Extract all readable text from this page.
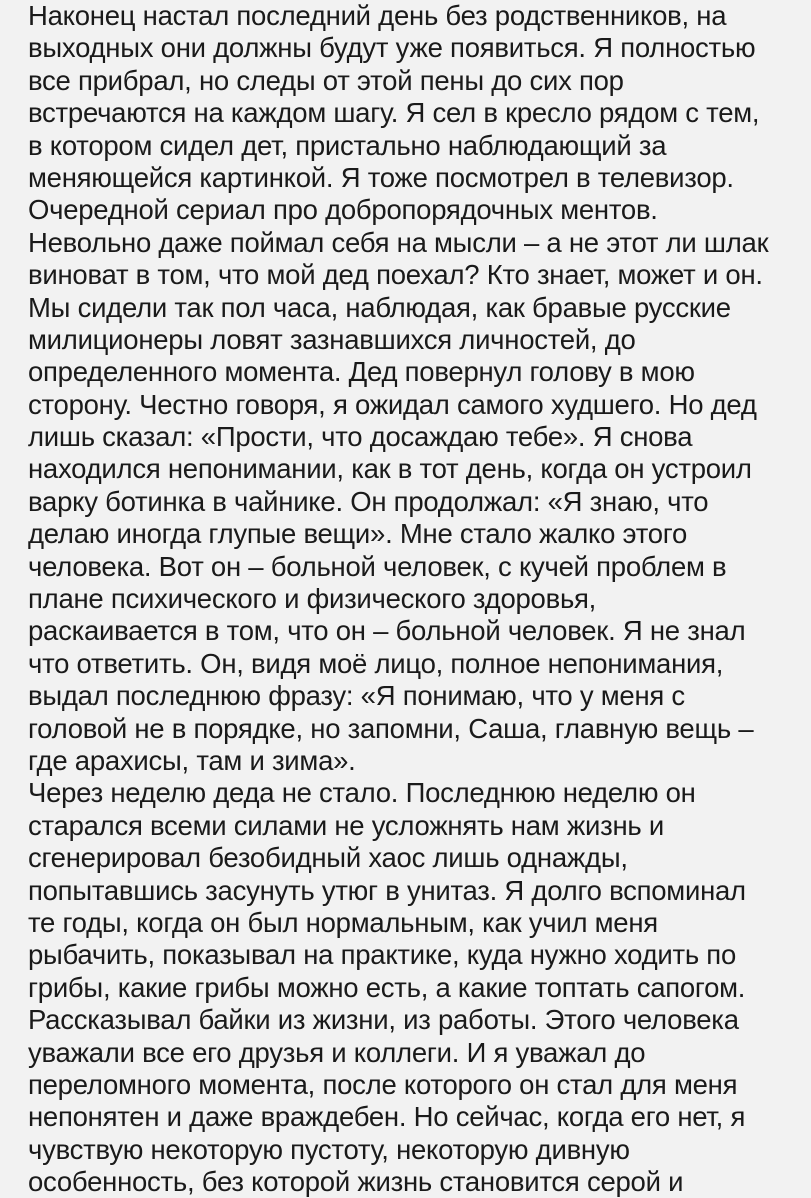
Наконец настал последний день без родственников, на
выходных они должны будут уже появиться. Я полностью
все прибрал, но следы от этой пены до сих пор
встречаются на каждом шагу. Я сел в кресло рядом с тем,
в котором сидел дет, пристально наблюдающий за
меняющейся картинкой. Я тоже посмотрел в телевизор.
Очередной сериал про добропорядочных ментов.
Невольно даже поймал себя на мысли – а не этот ли шлак
виноват в том, что мой дед поехал? Кто знает, может и он.
Мы сидели так пол часа, наблюдая, как бравые русские
милиционеры ловят зазнавшихся личностей, до
определенного момента. Дед повернул голову в мою
сторону. Честно говоря, я ожидал самого худшего. Но дед
лишь сказал: «Прости, что досаждаю тебе». Я снова
находился непонимании, как в тот день, когда он устроил
варку ботинка в чайнике. Он продолжал: «Я знаю, что
делаю иногда глупые вещи». Мне стало жалко этого
человека. Вот он – больной человек, с кучей проблем в
плане психического и физического здоровья,
раскаивается в том, что он – больной человек. Я не знал
что ответить. Он, видя моё лицо, полное непонимания,
выдал последнюю фразу: «Я понимаю, что у меня с
головой не в порядке, но запомни, Саша, главную вещь –
где арахисы, там и зима».
Через неделю деда не стало. Последнюю неделю он
старался всеми силами не усложнять нам жизнь и
сгенерировал безобидный хаос лишь однажды,
попытавшись засунуть утюг в унитаз. Я долго вспоминал
те годы, когда он был нормальным, как учил меня
рыбачить, показывал на практике, куда нужно ходить по
грибы, какие грибы можно есть, а какие топтать сапогом.
Рассказывал байки из жизни, из работы. Этого человека
уважали все его друзья и коллеги. И я уважал до
переломного момента, после которого он стал для меня
непонятен и даже враждебен. Но сейчас, когда его нет, я
чувствую некоторую пустоту, некоторую дивную
особенность, без которой жизнь становится серой и
